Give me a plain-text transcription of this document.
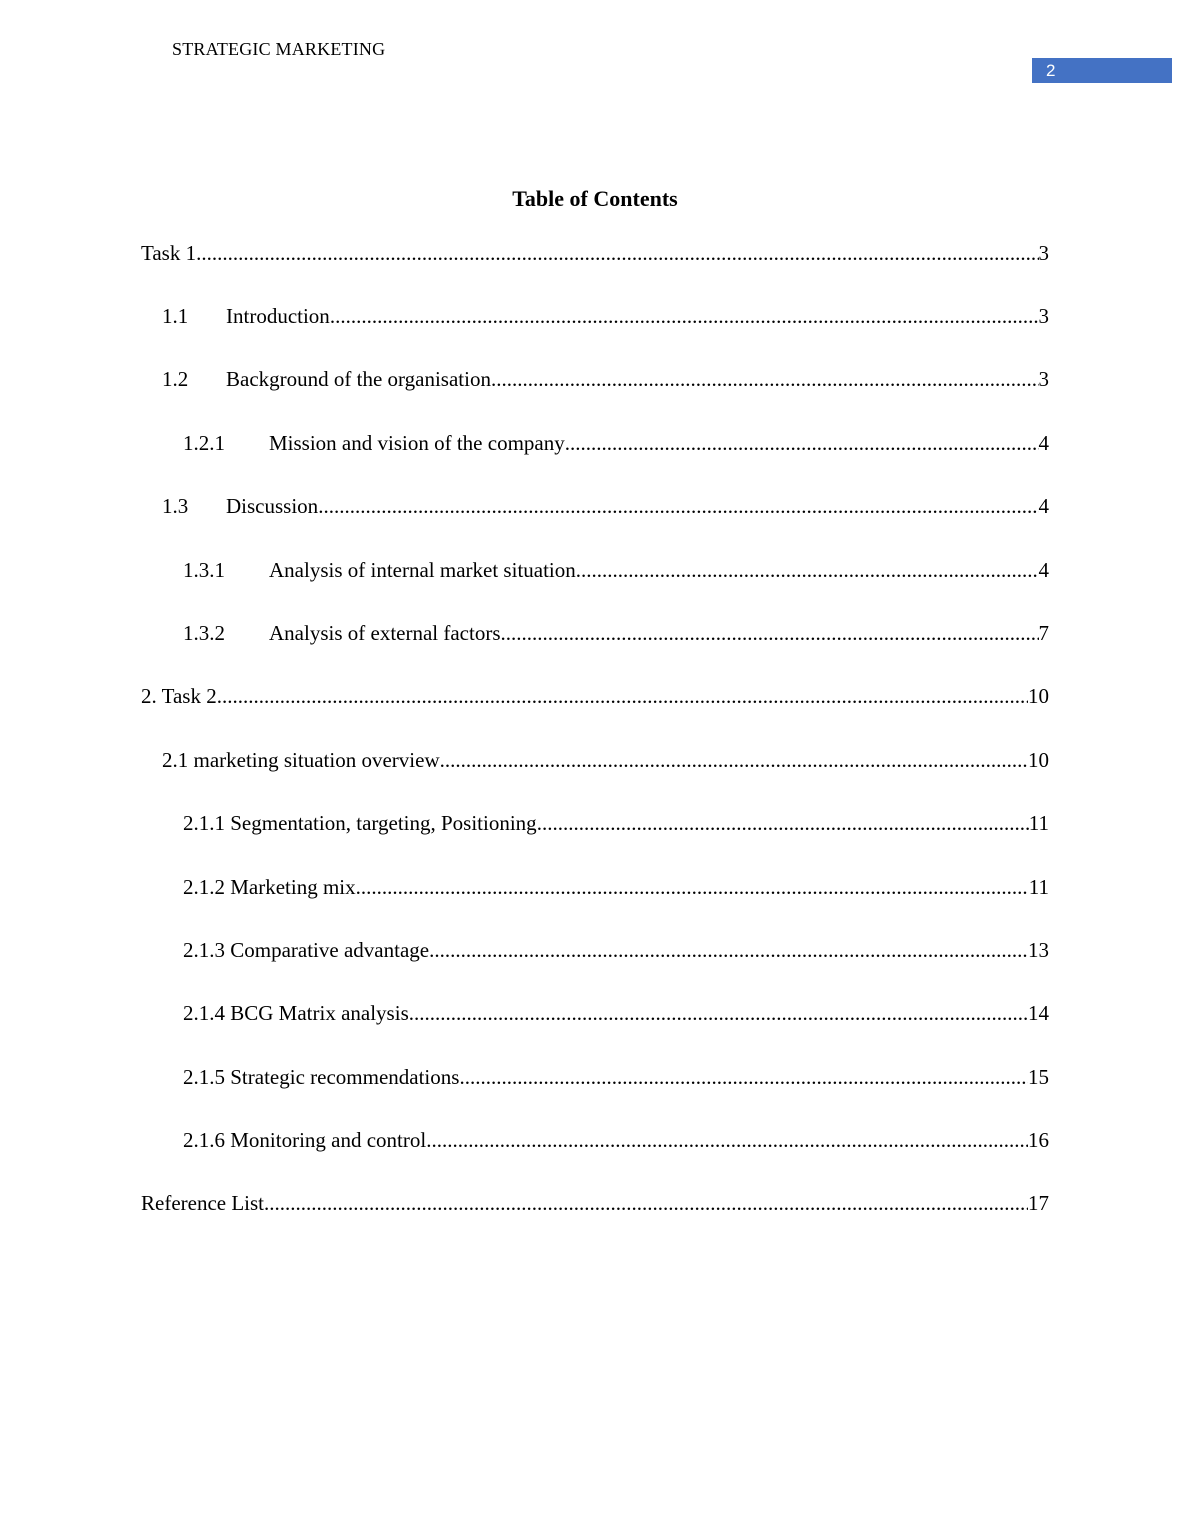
STRATEGIC MARKETING
2
Table of Contents
Task 1 .....	3
1.1	Introduction .....	3
1.2	Background of the organisation .....	3
1.2.1	Mission and vision of the company .....	4
1.3	Discussion .....	4
1.3.1	Analysis of internal market situation .....	4
1.3.2	Analysis of external factors .....	7
2. Task 2 .....	10
2.1 marketing situation overview .....	10
2.1.1 Segmentation, targeting, Positioning .....	11
2.1.2 Marketing mix .....	11
2.1.3 Comparative advantage .....	13
2.1.4 BCG Matrix analysis .....	14
2.1.5 Strategic recommendations .....	15
2.1.6 Monitoring and control .....	16
Reference List .....	17
